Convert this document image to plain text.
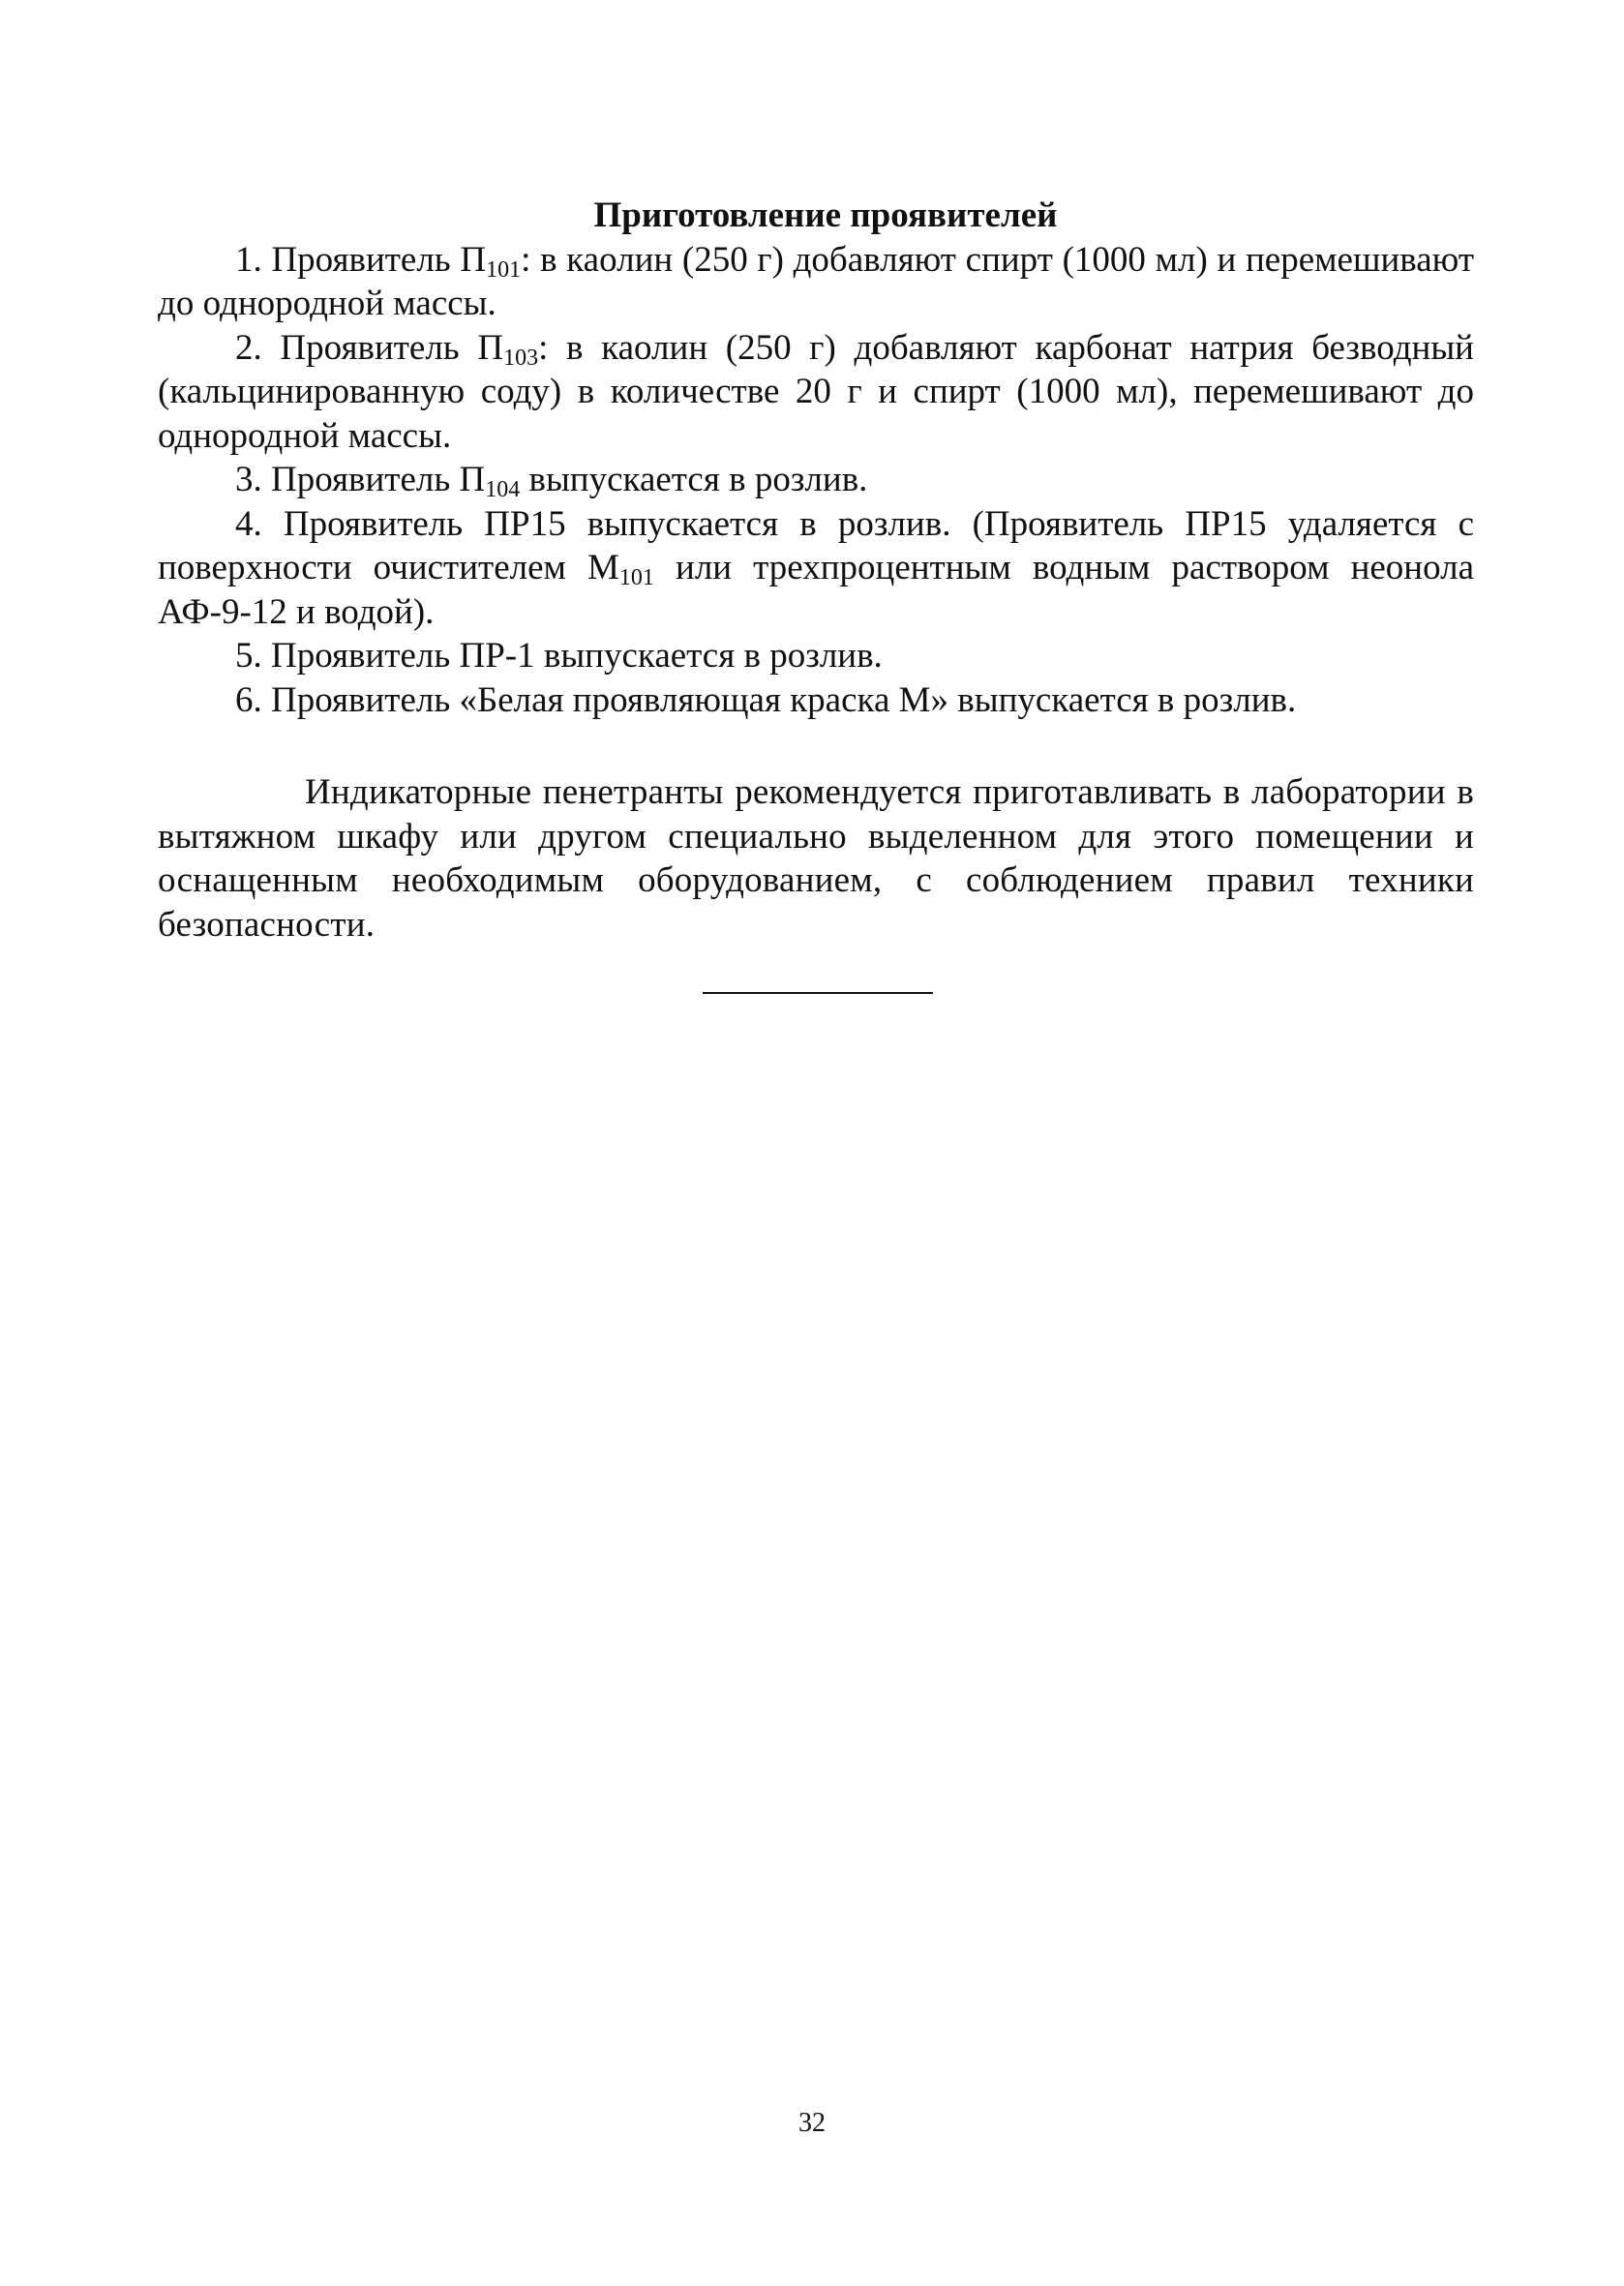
Приготовление проявителей

1. Проявитель $П_{101}$: в каолин (250 г) добавляют спирт (1000 мл) и перемешивают до однородной массы.

2. Проявитель $П_{103}$: в каолин (250 г) добавляют карбонат натрия безводный (кальцинированную соду) в количестве 20 г и спирт (1000 мл), перемешивают до однородной массы.

3. Проявитель $П_{104}$ выпускается в розлив.

4. Проявитель ПР15 выпускается в розлив. (Проявитель ПР15 удаляется с поверхности очистителем $М_{101}$ или трехпроцентным водным раствором неонола АФ-9-12 и водой).

5. Проявитель ПР-1 выпускается в розлив.

6. Проявитель «Белая проявляющая краска М» выпускается в розлив.

Индикаторные пенетранты рекомендуется приготавливать в лаборатории в вытяжном шкафу или другом специально выделенном для этого помещении и оснащенным необходимым оборудованием, с соблюдением правил техники безопасности.

32
